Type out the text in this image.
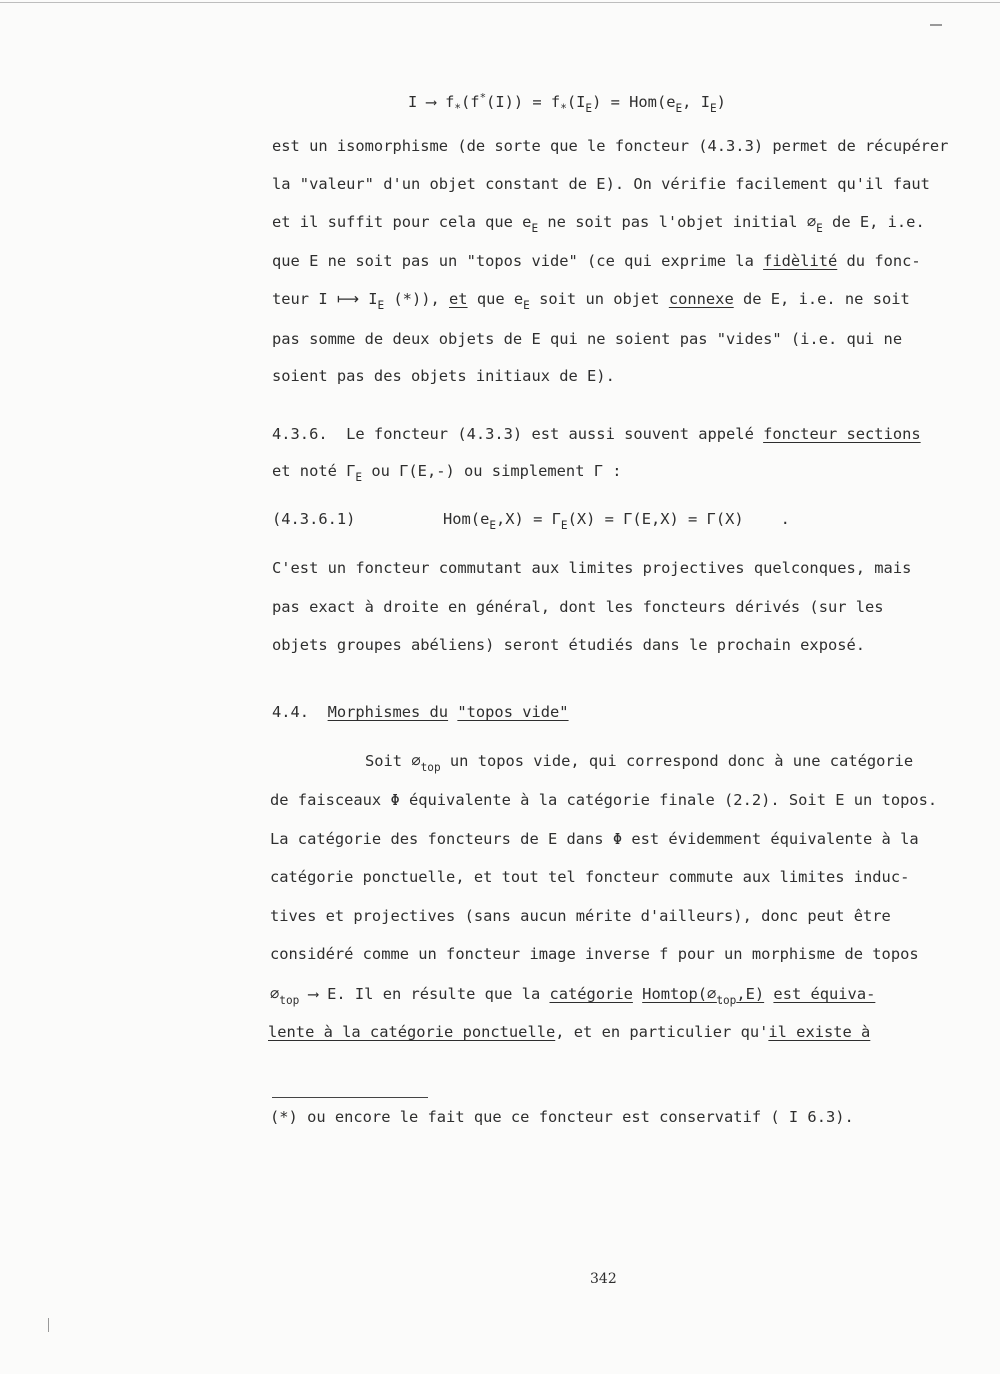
I ⟶ $f_*(f^*(I)) = f_*(I_E) = Hom(e_E$, $I_E$)
est un isomorphisme (de sorte que le foncteur (4.3.3) permet de récupérer
la "valeur" d'un objet constant de E). On vérifie facilement qu'il faut
et il suffit pour cela que $e_E$ ne soit pas l'objet initial $\emptyset_E$ de E, i.e.
que E ne soit pas un "topos vide" (ce qui exprime la fidèlité du fonc-
teur I ⟼ $I_E$ (*)), et que $e_E$ soit un objet connexe de E, i.e. ne soit
pas somme de deux objets de E qui ne soient pas "vides" (i.e. qui ne
soient pas des objets initiaux de E).
4.3.6.  Le foncteur (4.3.3) est aussi souvent appelé foncteur sections
et noté $\Gamma_E$ ou Γ(E,-) ou simplement Γ :
(4.3.6.1)	$Hom(e_E,X) = \Gamma_E(X) = \Gamma(E,X) = \Gamma(X)$    .
C'est un foncteur commutant aux limites projectives quelconques, mais
pas exact à droite en général, dont les foncteurs dérivés (sur les
objets groupes abéliens) seront étudiés dans le prochain exposé.
4.4.  Morphismes du "topos vide"
Soit $\emptyset_{top}$ un topos vide, qui correspond donc à une catégorie
de faisceaux Φ équivalente à la catégorie finale (2.2). Soit E un topos.
La catégorie des foncteurs de E dans Φ est évidemment équivalente à la
catégorie ponctuelle, et tout tel foncteur commute aux limites induc-
tives et projectives (sans aucun mérite d'ailleurs), donc peut être
considéré comme un foncteur image inverse f pour un morphisme de topos
$\emptyset_{top}$ ⟶ E. Il en résulte que la catégorie $Homtop(\emptyset_{top},E)$ est équiva-
lente à la catégorie ponctuelle, et en particulier qu'il existe à
(*) ou encore le fait que ce foncteur est conservatif ( I 6.3).
342
